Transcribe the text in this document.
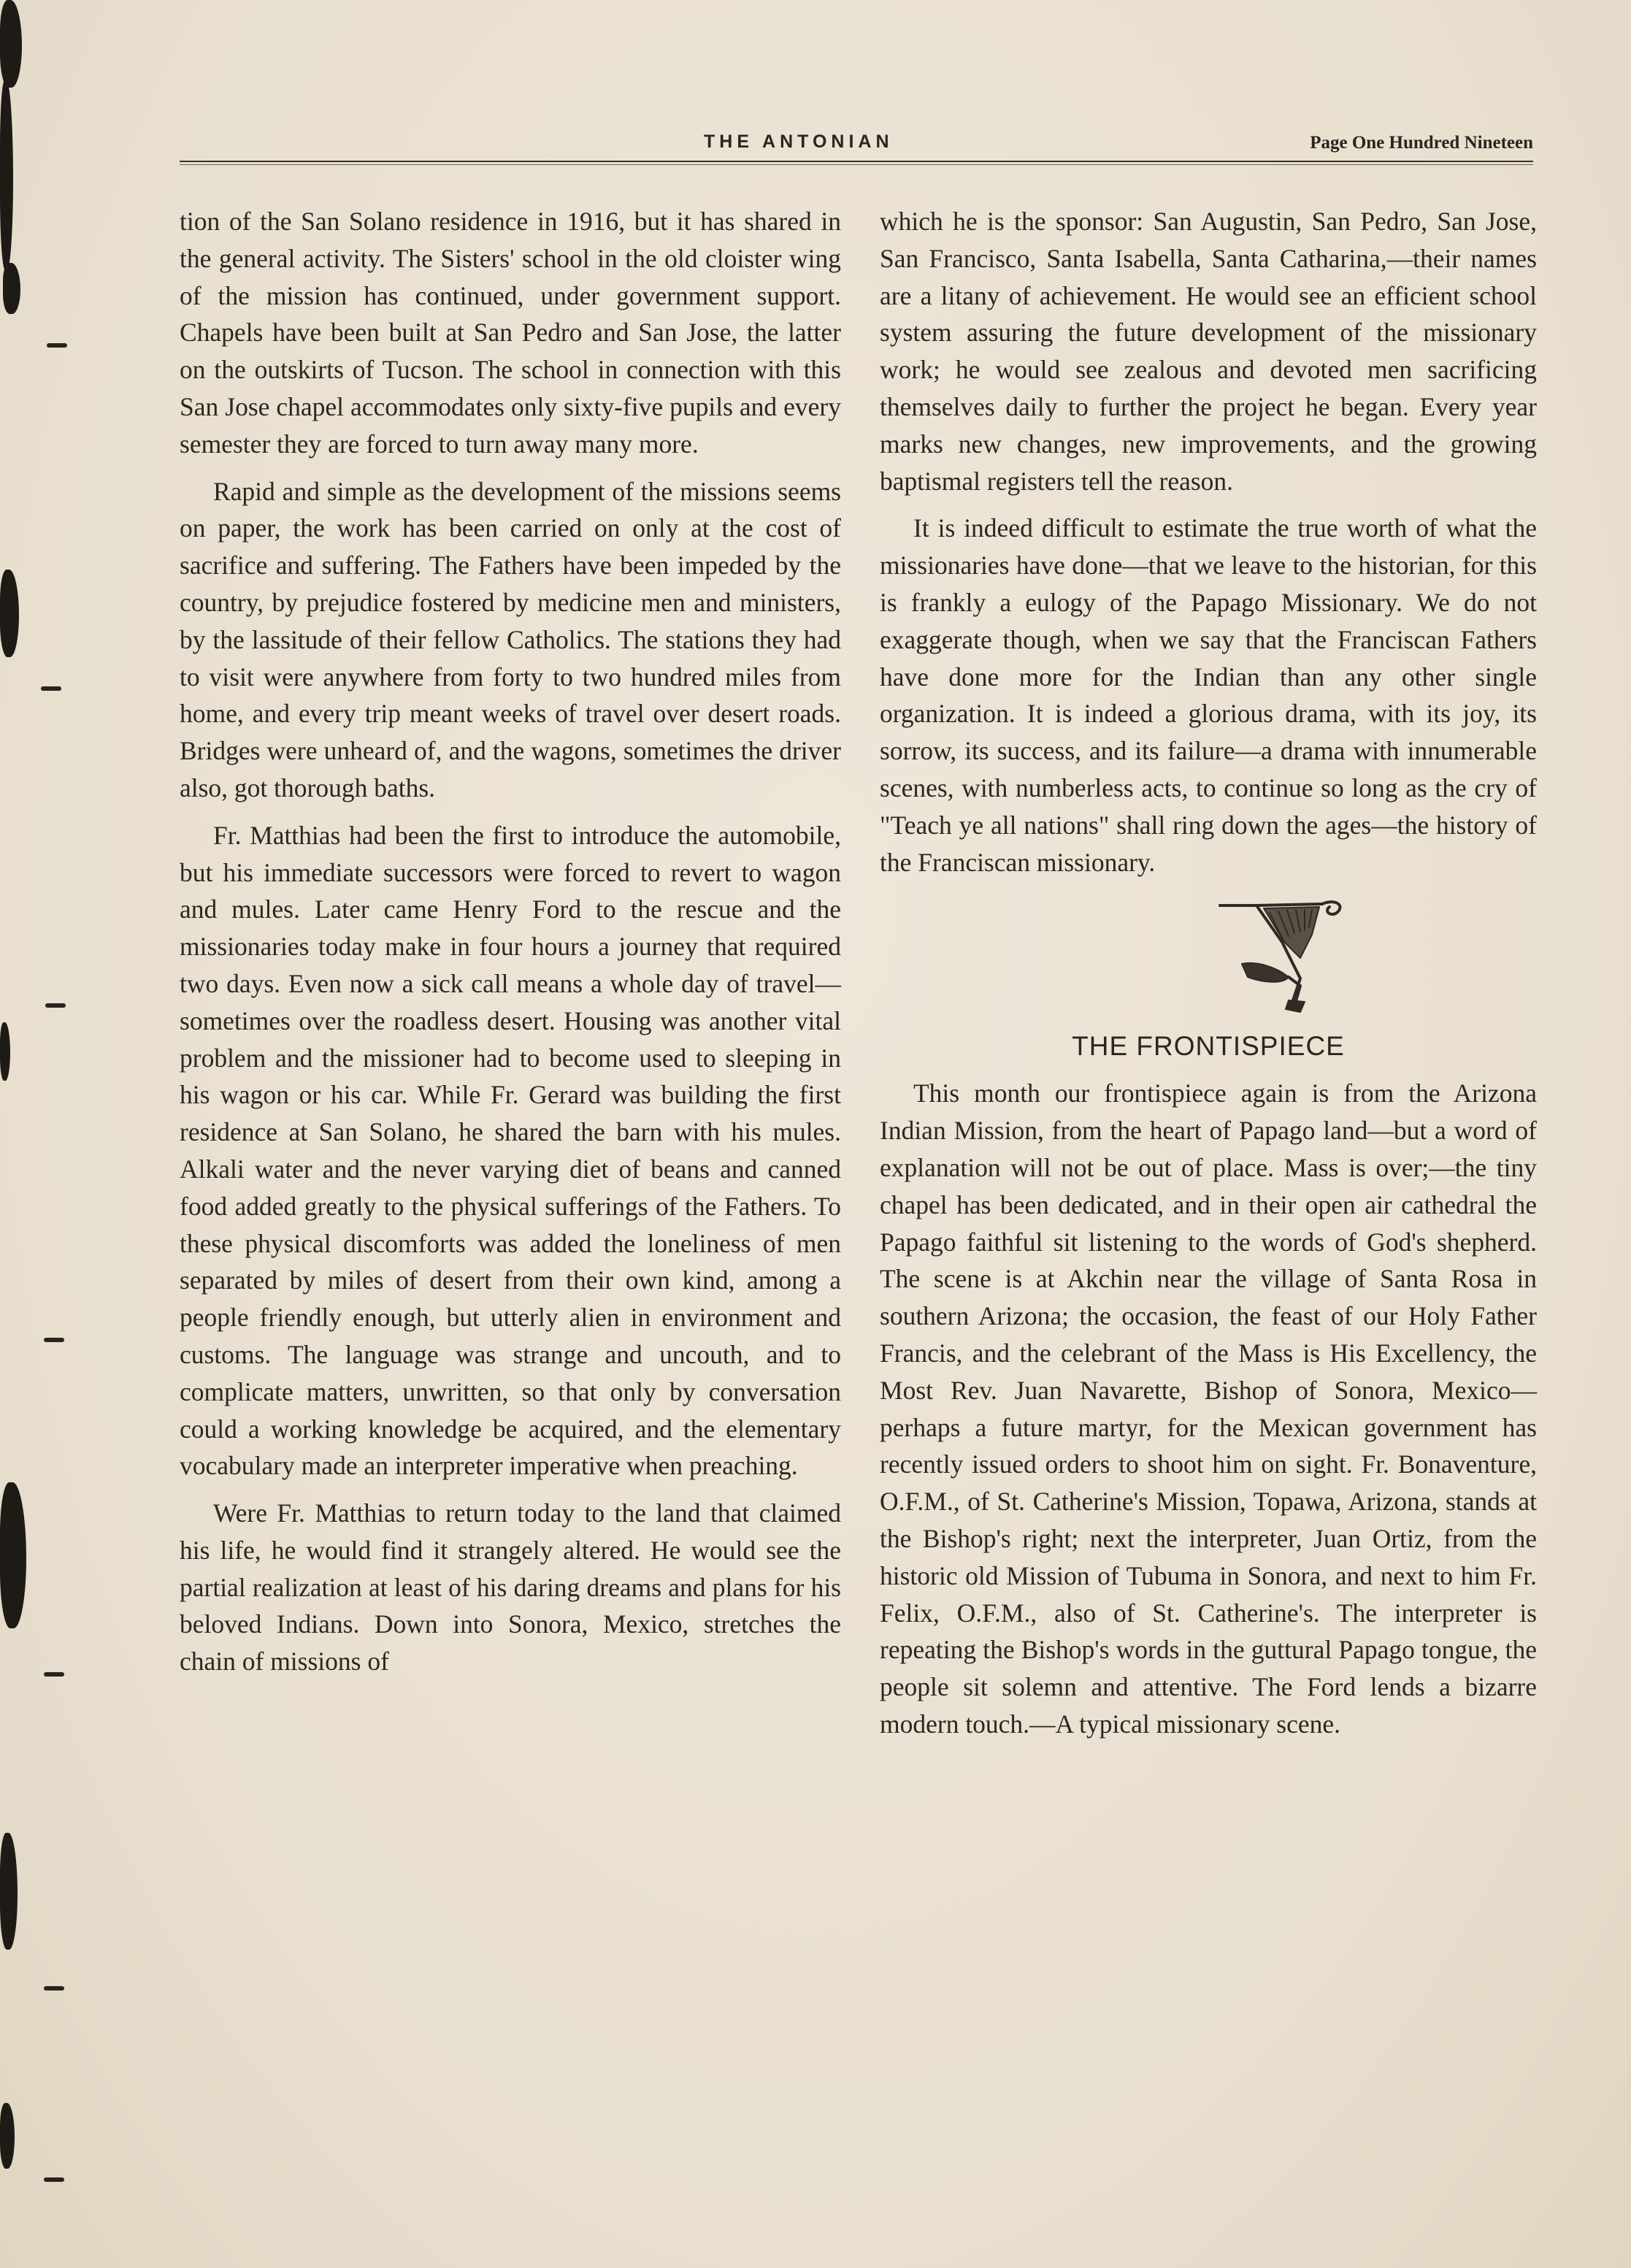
THE ANTONIAN	Page One Hundred Nineteen

tion of the San Solano residence in 1916, but it has shared in the general activity. The Sisters' school in the old cloister wing of the mission has continued, under government support. Chapels have been built at San Pedro and San Jose, the latter on the outskirts of Tucson. The school in connection with this San Jose chapel accommodates only sixty-five pupils and every semester they are forced to turn away many more.

Rapid and simple as the development of the missions seems on paper, the work has been carried on only at the cost of sacrifice and suffering. The Fathers have been impeded by the country, by prejudice fostered by medicine men and ministers, by the lassitude of their fellow Catholics. The stations they had to visit were anywhere from forty to two hundred miles from home, and every trip meant weeks of travel over desert roads. Bridges were unheard of, and the wagons, sometimes the driver also, got thorough baths.

Fr. Matthias had been the first to introduce the automobile, but his immediate successors were forced to revert to wagon and mules. Later came Henry Ford to the rescue and the missionaries today make in four hours a journey that required two days. Even now a sick call means a whole day of travel—sometimes over the roadless desert. Housing was another vital problem and the missioner had to become used to sleeping in his wagon or his car. While Fr. Gerard was building the first residence at San Solano, he shared the barn with his mules. Alkali water and the never varying diet of beans and canned food added greatly to the physical sufferings of the Fathers. To these physical discomforts was added the loneliness of men separated by miles of desert from their own kind, among a people friendly enough, but utterly alien in environment and customs. The language was strange and uncouth, and to complicate matters, unwritten, so that only by conversation could a working knowledge be acquired, and the elementary vocabulary made an interpreter imperative when preaching.

Were Fr. Matthias to return today to the land that claimed his life, he would find it strangely altered. He would see the partial realization at least of his daring dreams and plans for his beloved Indians. Down into Sonora, Mexico, stretches the chain of missions of

which he is the sponsor: San Augustin, San Pedro, San Jose, San Francisco, Santa Isabella, Santa Catharina,—their names are a litany of achievement. He would see an efficient school system assuring the future development of the missionary work; he would see zealous and devoted men sacrificing themselves daily to further the project he began. Every year marks new changes, new improvements, and the growing baptismal registers tell the reason.

It is indeed difficult to estimate the true worth of what the missionaries have done—that we leave to the historian, for this is frankly a eulogy of the Papago Missionary. We do not exaggerate though, when we say that the Franciscan Fathers have done more for the Indian than any other single organization. It is indeed a glorious drama, with its joy, its sorrow, its success, and its failure—a drama with innumerable scenes, with numberless acts, to continue so long as the cry of "Teach ye all nations" shall ring down the ages—the history of the Franciscan missionary.

THE FRONTISPIECE

This month our frontispiece again is from the Arizona Indian Mission, from the heart of Papago land—but a word of explanation will not be out of place. Mass is over;—the tiny chapel has been dedicated, and in their open air cathedral the Papago faithful sit listening to the words of God's shepherd. The scene is at Akchin near the village of Santa Rosa in southern Arizona; the occasion, the feast of our Holy Father Francis, and the celebrant of the Mass is His Excellency, the Most Rev. Juan Navarette, Bishop of Sonora, Mexico—perhaps a future martyr, for the Mexican government has recently issued orders to shoot him on sight. Fr. Bonaventure, O.F.M., of St. Catherine's Mission, Topawa, Arizona, stands at the Bishop's right; next the interpreter, Juan Ortiz, from the historic old Mission of Tubuma in Sonora, and next to him Fr. Felix, O.F.M., also of St. Catherine's. The interpreter is repeating the Bishop's words in the guttural Papago tongue, the people sit solemn and attentive. The Ford lends a bizarre modern touch.—A typical missionary scene.
